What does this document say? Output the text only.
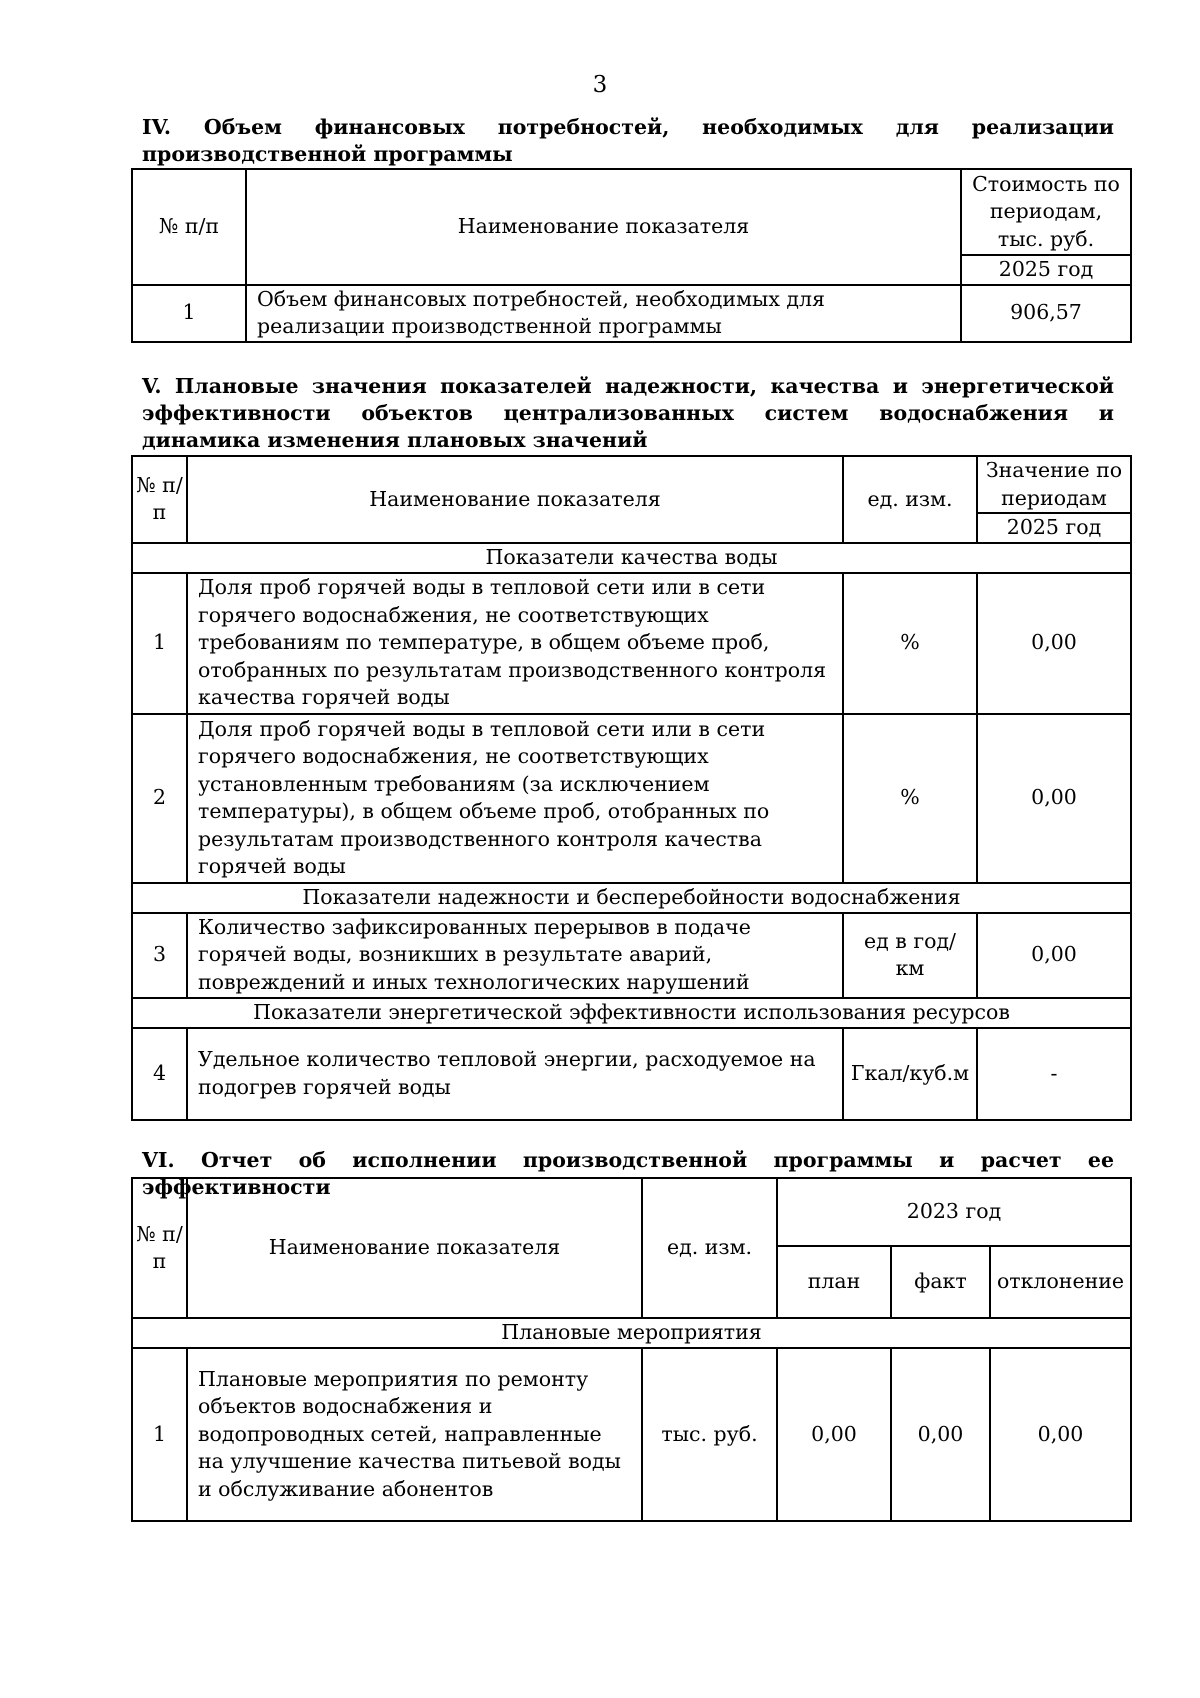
3
IV. Объем финансовых потребностей, необходимых для реализации производственной программы
№ п/п	Наименование показателя	Стоимость по периодам, тыс. руб.
		2025 год
1	Объем финансовых потребностей, необходимых для реализации производственной программы	906,57
V. Плановые значения показателей надежности, качества и энергетической эффективности объектов централизованных систем водоснабжения и динамика изменения плановых значений
№ п/п	Наименование показателя	ед. изм.	Значение по периодам
			2025 год
Показатели качества воды			
1	Доля проб горячей воды в тепловой сети или в сети горячего водоснабжения, не соответствующих требованиям по температуре, в общем объеме проб, отобранных по результатам производственного контроля качества горячей воды	%	0,00
2	Доля проб горячей воды в тепловой сети или в сети горячего водоснабжения, не соответствующих установленным требованиям (за исключением температуры), в общем объеме проб, отобранных по результатам производственного контроля качества горячей воды	%	0,00
Показатели надежности и бесперебойности водоснабжения			
3	Количество зафиксированных перерывов в подаче горячей воды, возникших в результате аварий, повреждений и иных технологических нарушений	ед в год/ км	0,00
Показатели энергетической эффективности использования ресурсов			
4	Удельное количество тепловой энергии, расходуемое на подогрев горячей воды	Гкал/куб.м	-
VI. Отчет об исполнении производственной программы и расчет ее эффективности
№ п/п	Наименование показателя	ед. изм.	2023 год		
			план	факт	отклонение
Плановые мероприятия					
1	Плановые мероприятия по ремонту объектов водоснабжения и водопроводных сетей, направленные на улучшение качества питьевой воды и обслуживание абонентов	тыс. руб.	0,00	0,00	0,00
